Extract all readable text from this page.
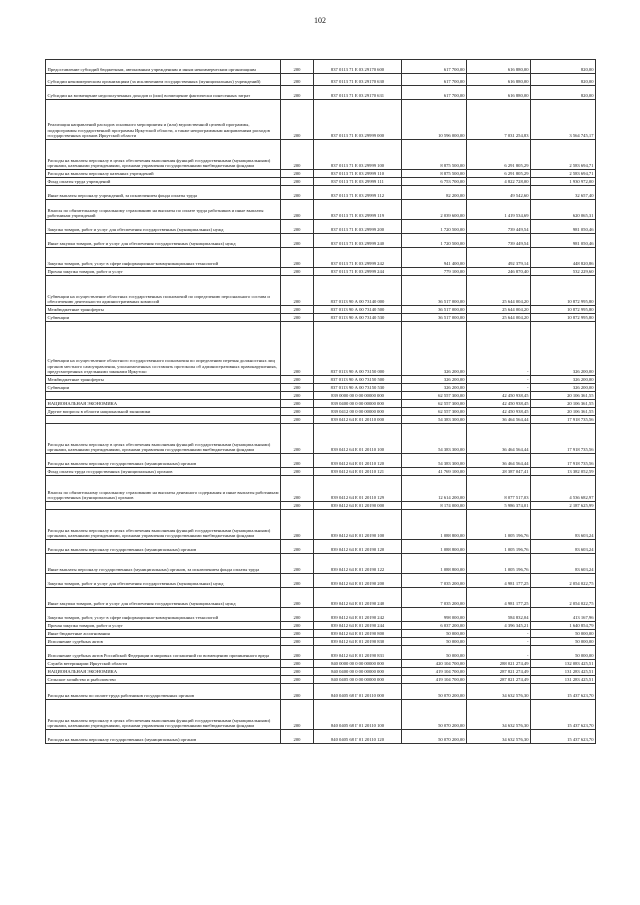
102
Предоставление субсидий бюджетным, автономным учреждениям и иным некоммерческим организациям	200	837 0113 71 Е 03 29170 600	617 700,00	616 880,00	820,00
Субсидии некоммерческим организациям (за исключением государственных (муниципальных) учреждений)	200	837 0113 71 Е 03 29170 630	617 700,00	616 880,00	820,00
Субсидии на возмещение недополученных доходов и (или) возмещение фактически понесенных затрат	200	837 0113 71 Е 03 29170 631	617 700,00	616 880,00	820,00
Реализация направлений расходов основного мероприятия и (или) ведомственной целевой программы, подпрограммы государственной программы Иркутской области, а также непрограммным направлениям расходов государственных органов Иркутской области	200	837 0113 71 Е 03 29999 000	10 596 000,00	7 031 254,83	3 564 745,17
Расходы на выплаты персоналу в целях обеспечения выполнения функций государственными (муниципальными) органами, казенными учреждениями, органами управления государственными внебюджетными фондами	200	837 0113 71 Е 03 29999 100	8 875 500,00	6 291 805,29	2 583 694,71
Расходы на выплаты персоналу казенных учреждений	200	837 0113 71 Е 03 29999 110	8 875 500,00	6 291 805,29	2 583 694,71
Фонд оплаты труда учреждений	200	837 0113 71 Е 03 29999 111	6 753 700,00	4 822 728,00	1 930 972,00
Иные выплаты персоналу учреждений, за исключением фонда оплаты труда	200	837 0113 71 Е 03 29999 112	82 200,00	49 542,60	32 657,40
Взносы по обязательному социальному страхованию на выплаты по оплате труда работников и иные выплаты работникам учреждений	200	837 0113 71 Е 03 29999 119	2 039 600,00	1 419 534,69	620 065,31
Закупка товаров, работ и услуг для обеспечения государственных (муниципальных) нужд	200	837 0113 71 Е 03 29999 200	1 720 500,00	739 449,54	981 050,46
Иные закупки товаров, работ и услуг для обеспечения государственных (муниципальных) нужд	200	837 0113 71 Е 03 29999 240	1 720 500,00	739 449,54	981 050,46
Закупка товаров, работ, услуг в сфере информационно-коммуникационных технологий	200	837 0113 71 Е 03 29999 242	941 400,00	492 379,14	448 820,86
Прочая закупка товаров, работ и услуг	200	837 0113 71 Е 03 29999 244	779 100,00	246 870,40	532 229,60
Субвенции на осуществление областных государственных полномочий по определению персонального состава и обеспечению деятельности административных комиссий	200	837 0113 90 А 00 73140 000	36 517 000,00	25 644 004,20	10 872 995,80
Межбюджетные трансферты	200	837 0113 90 А 00 73140 500	36 517 000,00	25 644 004,20	10 872 995,80
Субвенции	200	837 0113 90 А 00 73140 530	36 517 000,00	25 644 004,20	10 872 995,80
Субвенции на осуществление областного государственного полномочия по определению перечня должностных лиц органов местного самоуправления, уполномоченных составлять протоколы об административных правонарушениях, предусмотренных отдельными законами Иркутско	200	837 0113 90 А 00 73150 000	326 200,00	-	326 200,00
Межбюджетные трансферты	200	837 0113 90 А 00 73150 500	326 200,00	-	326 200,00
Субвенции	200	837 0113 90 А 00 73150 530	326 200,00	-	326 200,00
	200	839 0000 00 0 00 00000 000	62 557 300,00	42 450 938,45	20 106 361,55
НАЦИОНАЛЬНАЯ ЭКОНОМИКА	200	839 0400 00 0 00 00000 000	62 557 300,00	42 450 938,45	20 106 361,55
Другие вопросы в области национальной экономики	200	839 0412 00 0 00 00000 000	62 557 300,00	42 450 938,45	20 106 361,55
	200	839 0412 64 Е 01 20110 000	54 383 300,00	36 464 564,44	17 918 735,56
Расходы на выплаты персоналу в целях обеспечения выполнения функций государственными (муниципальными) органами, казенными учреждениями, органами управления государственными внебюджетными фондами	200	839 0412 64 Е 01 20110 100	54 383 300,00	36 464 564,44	17 918 735,56
Расходы на выплаты персоналу государственных (муниципальных) органов	200	839 0412 64 Е 01 20110 120	54 383 300,00	36 464 564,44	17 918 735,56
Фонд оплаты труда государственных (муниципальных) органов	200	839 0412 64 Е 01 20110 121	41 769 100,00	28 387 047,41	13 382 052,59
Взносы по обязательному социальному страхованию на выплаты денежного содержания и иные выплаты работникам государственных (муниципальных) органов	200	839 0412 64 Е 01 20110 129	12 614 200,00	8 077 517,03	4 536 682,97
	200	839 0412 64 Е 01 20190 000	8 174 000,00	5 986 374,01	2 187 625,99
Расходы на выплаты персоналу в целях обеспечения выполнения функций государственными (муниципальными) органами, казенными учреждениями, органами управления государственными внебюджетными фондами	200	839 0412 64 Е 01 20190 100	1 088 800,00	1 005 196,76	83 603,24
Расходы на выплаты персоналу государственных (муниципальных) органов	200	839 0412 64 Е 01 20190 120	1 088 800,00	1 005 196,76	83 603,24
Иные выплаты персоналу государственных (муниципальных) органов, за исключением фонда оплаты труда	200	839 0412 64 Е 01 20190 122	1 088 800,00	1 005 196,76	83 603,24
Закупка товаров, работ и услуг для обеспечения государственных (муниципальных) нужд	200	839 0412 64 Е 01 20190 200	7 035 200,00	4 981 177,25	2 054 022,75
Иные закупки товаров, работ и услуг для обеспечения государственных (муниципальных) нужд	200	839 0412 64 Е 01 20190 240	7 035 200,00	4 981 177,25	2 054 022,75
Закупка товаров, работ, услуг в сфере информационно-коммуникационных технологий	200	839 0412 64 Е 01 20190 242	998 000,00	584 832,04	413 167,96
Прочая закупка товаров, работ и услуг	200	839 0412 64 Е 01 20190 244	6 037 200,00	4 396 345,21	1 640 854,79
Иные бюджетные ассигнования	200	839 0412 64 Е 01 20190 800	50 000,00	-	50 000,00
Исполнение судебных актов	200	839 0412 64 Е 01 20190 830	50 000,00	-	50 000,00
Исполнение судебных актов Российской Федерации и мировых соглашений по возмещению причиненного вреда	200	839 0412 64 Е 01 20190 831	50 000,00	-	50 000,00
Служба ветеринарии Иркутской области	200	840 0000 00 0 00 00000 000	420 104 700,00	288 021 274,49	132 083 425,51
НАЦИОНАЛЬНАЯ ЭКОНОМИКА	200	840 0400 00 0 00 00000 000	419 104 700,00	287 821 274,49	131 283 425,51
Сельское хозяйство и рыболовство	200	840 0405 00 0 00 00000 000	419 104 700,00	287 821 274,49	131 283 425,51
Расходы на выплаты по оплате труда работников государственных органов	200	840 0405 68 Г 01 20110 000	50 070 200,00	34 632 576,30	15 437 623,70
Расходы на выплаты персоналу в целях обеспечения выполнения функций государственными (муниципальными) органами, казенными учреждениями, органами управления государственными внебюджетными фондами	200	840 0405 68 Г 01 20110 100	50 070 200,00	34 632 576,30	15 437 623,70
Расходы на выплаты персоналу государственных (муниципальных) органов	200	840 0405 68 Г 01 20110 120	50 070 200,00	34 632 576,30	15 437 623,70
